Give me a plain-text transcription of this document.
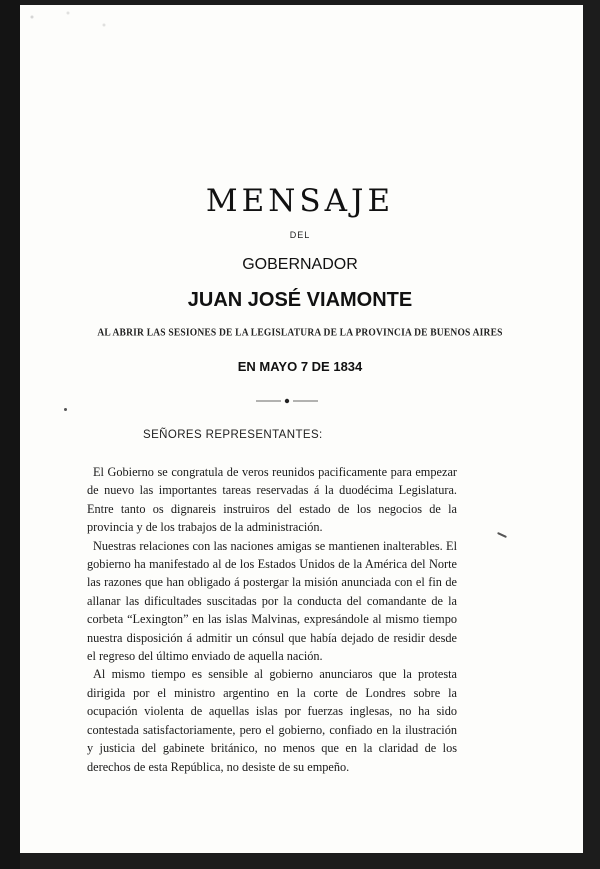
MENSAJE
DEL
GOBERNADOR
JUAN JOSÉ VIAMONTE
AL ABRIR LAS SESIONES DE LA LEGISLATURA DE LA PROVINCIA DE BUENOS AIRES
EN MAYO 7 DE 1834
SEÑORES REPRESENTANTES:

El Gobierno se congratula de veros reunidos pacificamente para empezar de nuevo las importantes tareas reservadas á la duodécima Legislatura. Entre tanto os dignareis instruiros del estado de los negocios de la provincia y de los trabajos de la administración.

Nuestras relaciones con las naciones amigas se mantienen inalterables. El gobierno ha manifestado al de los Estados Unidos de la América del Norte las razones que han obligado á postergar la misión anunciada con el fin de allanar las dificultades suscitadas por la conducta del comandante de la corbeta “Lexington” en las islas Malvinas, expresándole al mismo tiempo nuestra disposición á admitir un cónsul que había dejado de residir desde el regreso del último enviado de aquella nación.

Al mismo tiempo es sensible al gobierno anunciaros que la protesta dirigida por el ministro argentino en la corte de Londres sobre la ocupación violenta de aquellas islas por fuerzas inglesas, no ha sido contestada satisfactoriamente, pero el gobierno, confiado en la ilustración y justicia del gabinete británico, no menos que en la claridad de los derechos de esta República, no desiste de su empeño.
